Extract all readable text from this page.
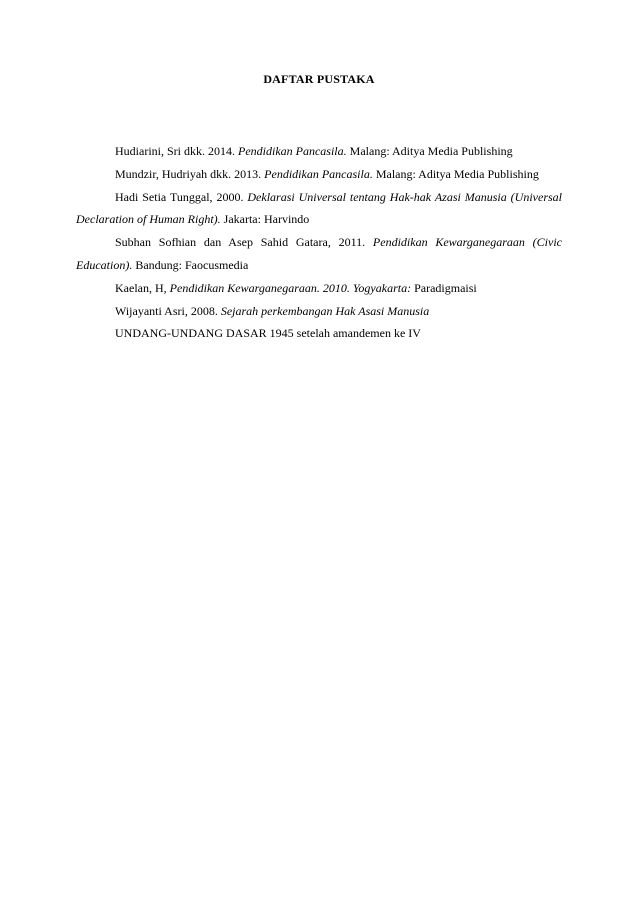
DAFTAR PUSTAKA

Hudiarini, Sri dkk. 2014. Pendidikan Pancasila. Malang: Aditya Media Publishing

Mundzir, Hudriyah dkk. 2013. Pendidikan Pancasila. Malang: Aditya Media Publishing

Hadi Setia Tunggal, 2000. Deklarasi Universal tentang Hak-hak Azasi Manusia (Universal Declaration of Human Right). Jakarta: Harvindo

Subhan Sofhian dan Asep Sahid Gatara, 2011. Pendidikan Kewarganegaraan (Civic Education). Bandung: Faocusmedia

Kaelan, H, Pendidikan Kewarganegaraan. 2010. Yogyakarta: Paradigmaisi

Wijayanti Asri, 2008. Sejarah perkembangan Hak Asasi Manusia

UNDANG-UNDANG DASAR 1945 setelah amandemen ke IV
